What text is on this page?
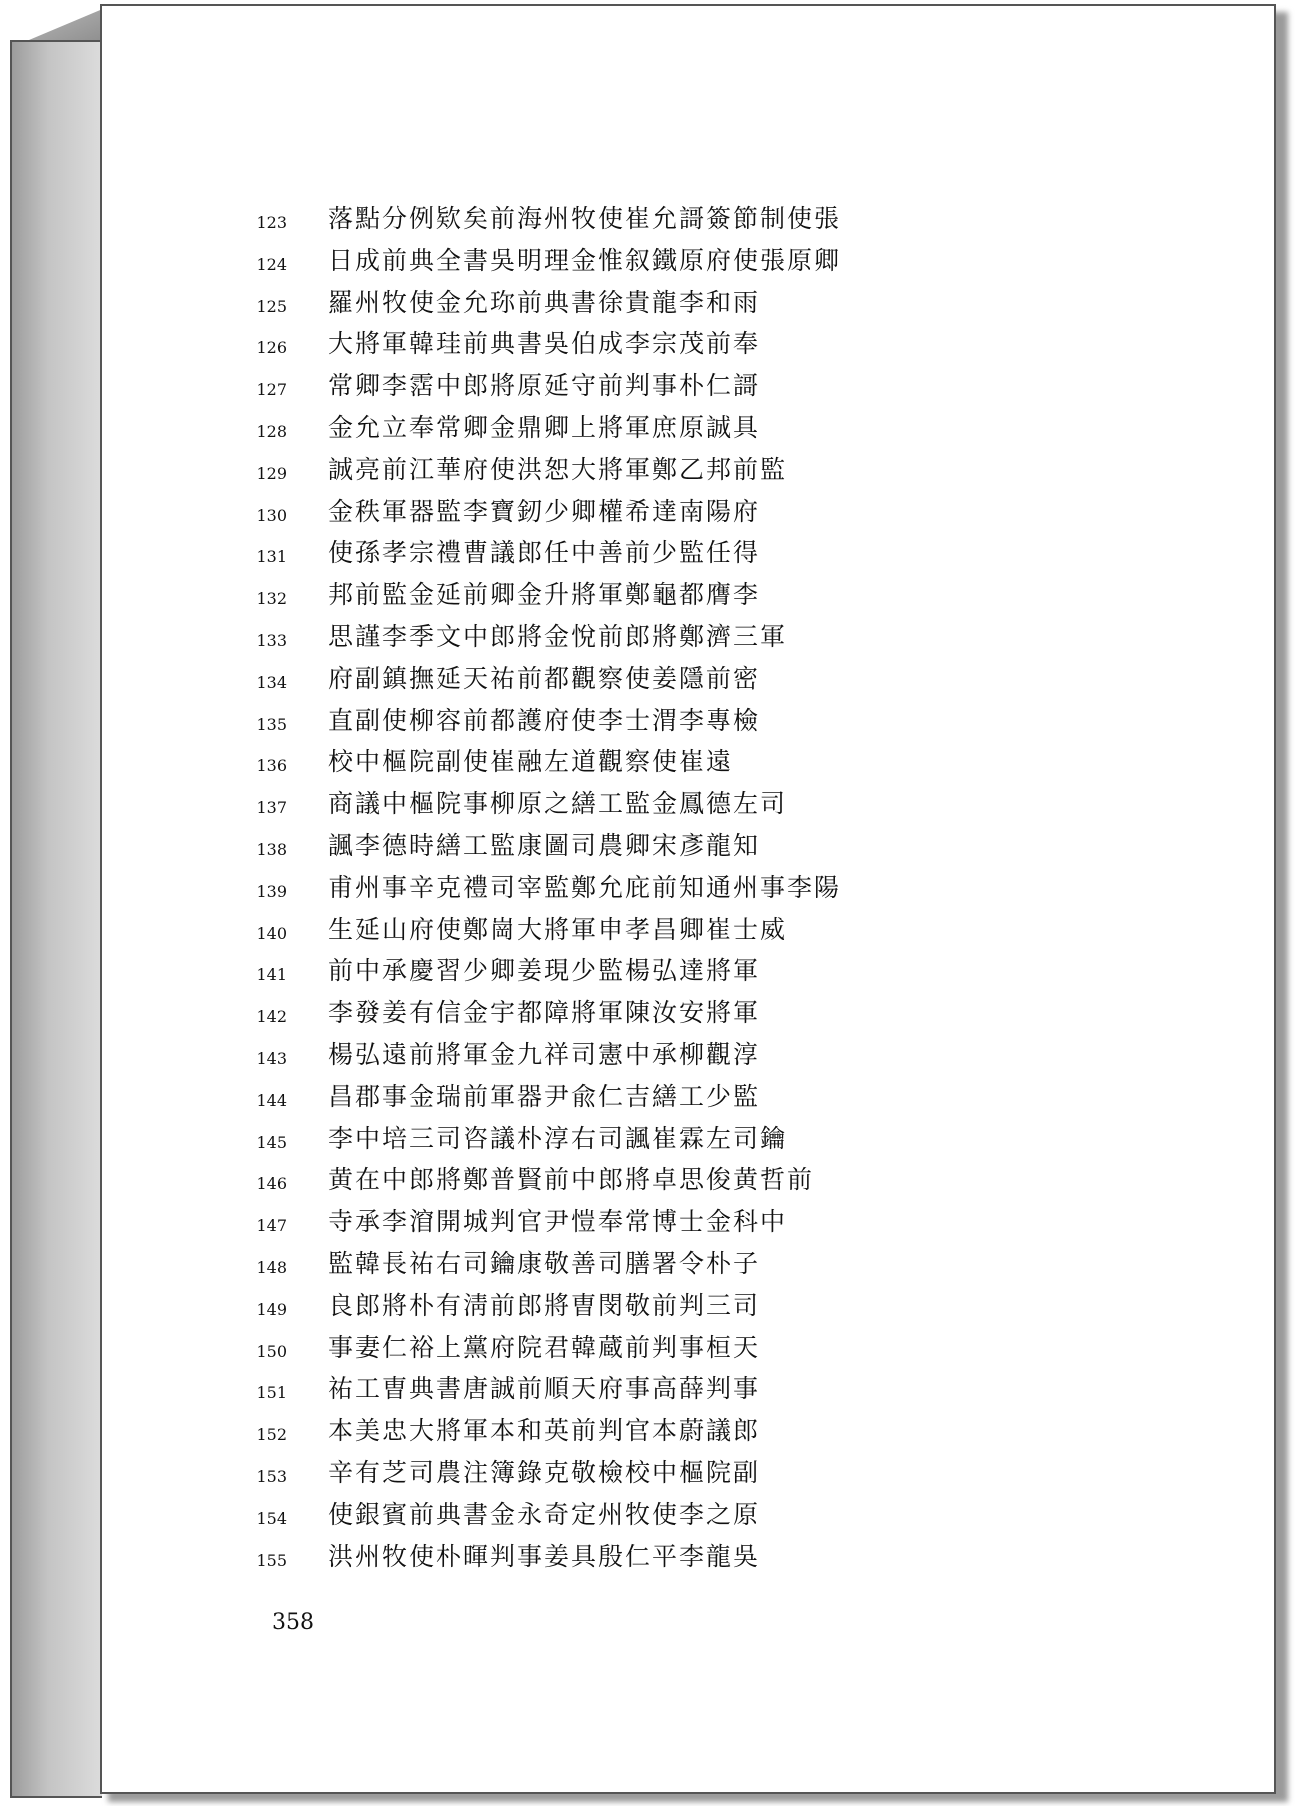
123 落點分例欵矣前海州牧使崔允謌簽節制使張
124 日成前典全書吳明理金惟叙鐵原府使張原卿
125 羅州牧使金允珎前典書徐貴龍李和雨
126 大將軍韓珪前典書吳伯成李宗茂前奉
127 常卿李霑中郎將原延守前判事朴仁謌
128 金允立奉常卿金鼎卿上將軍庶原誠具
129 誠亮前江華府使洪恕大將軍鄭乙邦前監
130 金秩軍器監李寶釰少卿權希達南陽府
131 使孫孝宗禮曹議郎任中善前少監任得
132 邦前監金延前卿金升將軍鄭龜都膺李
133 思謹李季文中郎將金悅前郎將鄭濟三軍
134 府副鎮撫延天祐前都觀察使姜隱前密
135 直副使柳容前都護府使李士渭李專檢
136 校中樞院副使崔融左道觀察使崔遠
137 商議中樞院事柳原之繕工監金鳳德左司
138 諷李德時繕工監康圖司農卿宋彥龍知
139 甫州事辛克禮司宰監鄭允庇前知通州事李陽
140 生延山府使鄭崗大將軍申孝昌卿崔士威
141 前中承慶習少卿姜現少監楊弘達將軍
142 李發姜有信金宇都障將軍陳汝安將軍
143 楊弘遠前將軍金九祥司憲中承柳觀淳
144 昌郡事金瑞前軍器尹兪仁吉繕工少監
145 李中培三司咨議朴淳右司諷崔霖左司鑰
146 黄在中郎將鄭普賢前中郎將卓思俊黄哲前
147 寺承李㴭開城判官尹愷奉常博士金科中
148 監韓長祐右司鑰康敬善司膳署令朴子
149 良郎將朴有淸前郎將曺閔敬前判三司
150 事妻仁裕上黨府院君韓蔵前判事桓天
151 祐工曺典書唐誠前順天府事高薛判事
152 本美忠大將軍本和英前判官本蔚議郎
153 辛有芝司農注簿錄克敬檢校中樞院副
154 使銀賓前典書金永奇定州牧使李之原
155 洪州牧使朴暉判事姜具殷仁平李龍吳
358
